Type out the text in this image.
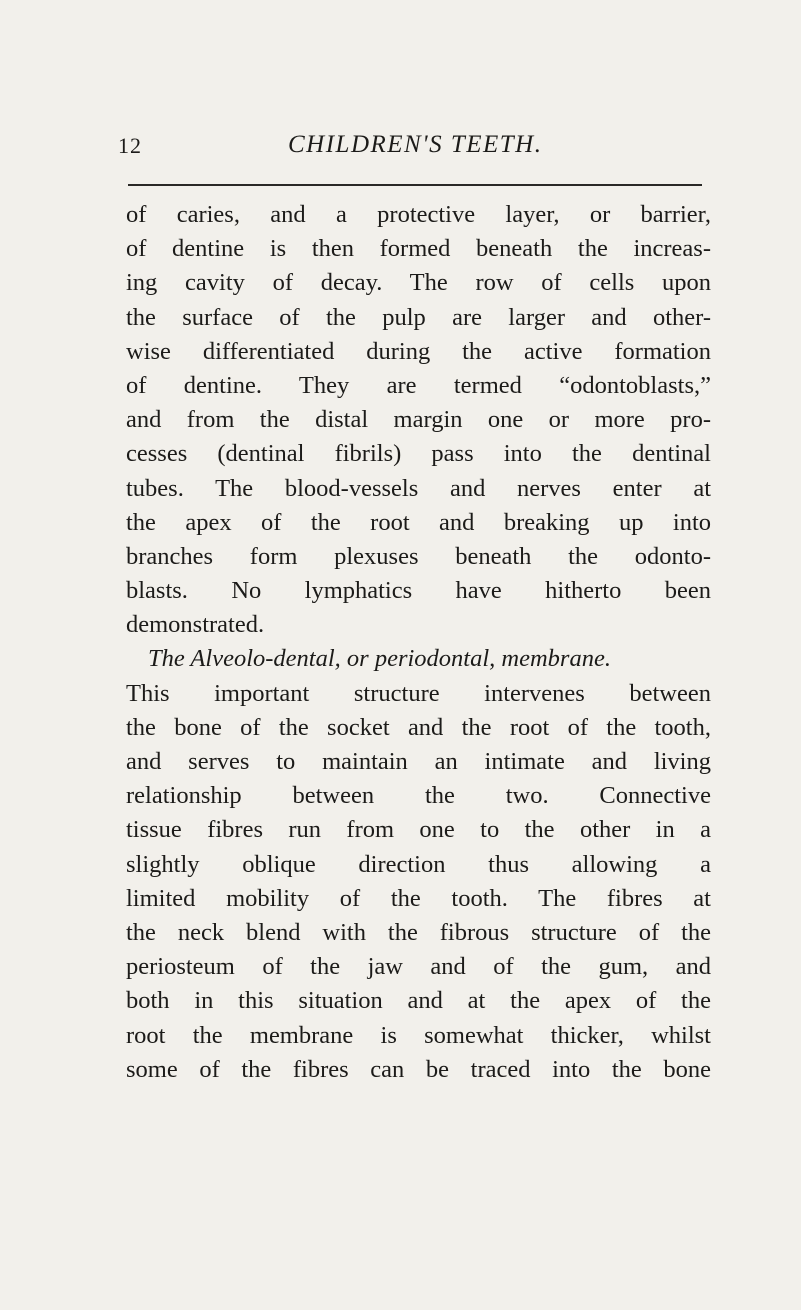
12	CHILDREN'S TEETH.
of caries, and a protective layer, or barrier,
of dentine is then formed beneath the increas-
ing cavity of decay. The row of cells upon
the surface of the pulp are larger and other-
wise differentiated during the active formation
of dentine. They are termed “odontoblasts,”
and from the distal margin one or more pro-
cesses (dentinal fibrils) pass into the dentinal
tubes. The blood-vessels and nerves enter at
the apex of the root and breaking up into
branches form plexuses beneath the odonto-
blasts. No lymphatics have hitherto been
demonstrated.
The Alveolo-dental, or periodontal, membrane.
This important structure intervenes between
the bone of the socket and the root of the tooth,
and serves to maintain an intimate and living
relationship between the two. Connective
tissue fibres run from one to the other in a
slightly oblique direction thus allowing a
limited mobility of the tooth. The fibres at
the neck blend with the fibrous structure of the
periosteum of the jaw and of the gum, and
both in this situation and at the apex of the
root the membrane is somewhat thicker, whilst
some of the fibres can be traced into the bone
